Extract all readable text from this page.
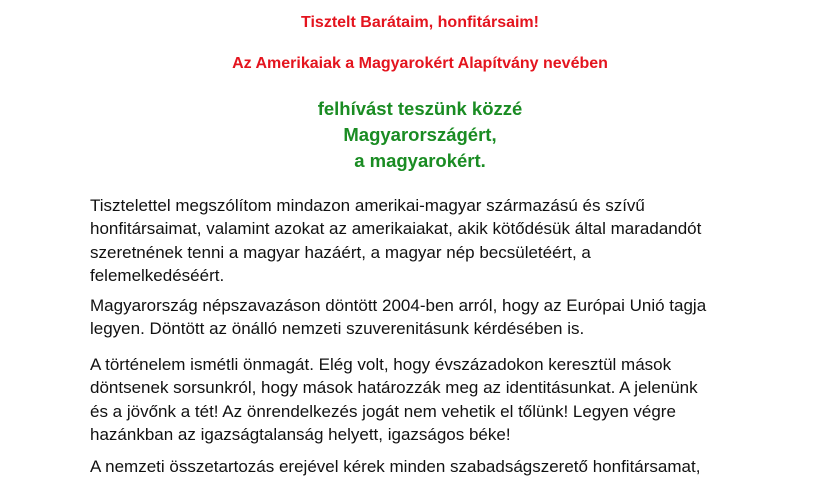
Tisztelt Barátaim, honfitársaim!
Az Amerikaiak a Magyarokért Alapítvány nevében
felhívást teszünk közzé
Magyarországért,
a magyarokért.

Tisztelettel megszólítom mindazon amerikai-magyar származású és szívű
honfitársaimat, valamint azokat az amerikaiakat, akik kötődésük által maradandót
szeretnének tenni a magyar hazáért, a magyar nép becsületéért, a
felemelkedéséért.

Magyarország népszavazáson döntött 2004-ben arról, hogy az Európai Unió tagja
legyen. Döntött az önálló nemzeti szuverenitásunk kérdésében is.

A történelem ismétli önmagát. Elég volt, hogy évszázadokon keresztül mások
döntsenek sorsunkról, hogy mások határozzák meg az identitásunkat. A jelenünk
és a jövőnk a tét! Az önrendelkezés jogát nem vehetik el tőlünk! Legyen végre
hazánkban az igazságtalanság helyett, igazságos béke!

A nemzeti összetartozás erejével kérek minden szabadságszerető honfitársamat,
